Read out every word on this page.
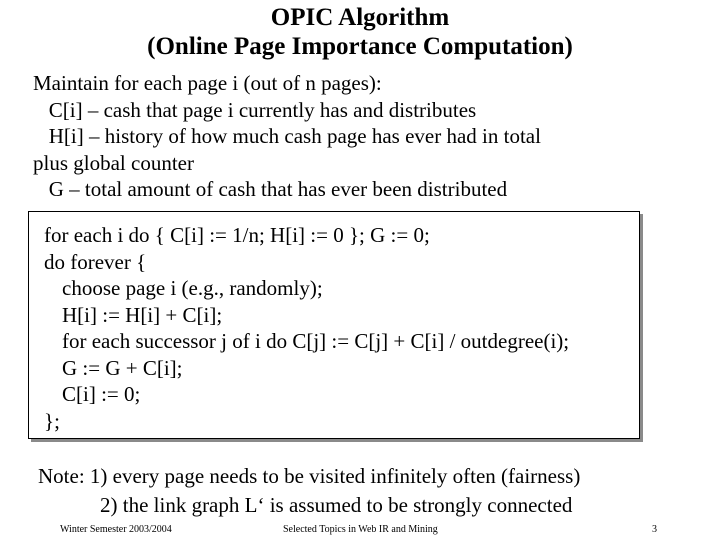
OPIC Algorithm
(Online Page Importance Computation)
Maintain for each page i (out of n pages):
C[i] – cash that page i currently has and distributes
H[i] – history of how much cash page has ever had in total
plus global counter
G – total amount of cash that has ever been distributed
for each i do { C[i] := 1/n; H[i] := 0 }; G := 0;
do forever {
choose page i (e.g., randomly);
H[i] := H[i] + C[i];
for each successor j of i do C[j] := C[j] + C[i] / outdegree(i);
G := G + C[i];
C[i] := 0;
};
Note: 1) every page needs to be visited infinitely often (fairness)
2) the link graph L‘ is assumed to be strongly connected
Winter Semester 2003/2004	Selected Topics in Web IR and Mining	3
